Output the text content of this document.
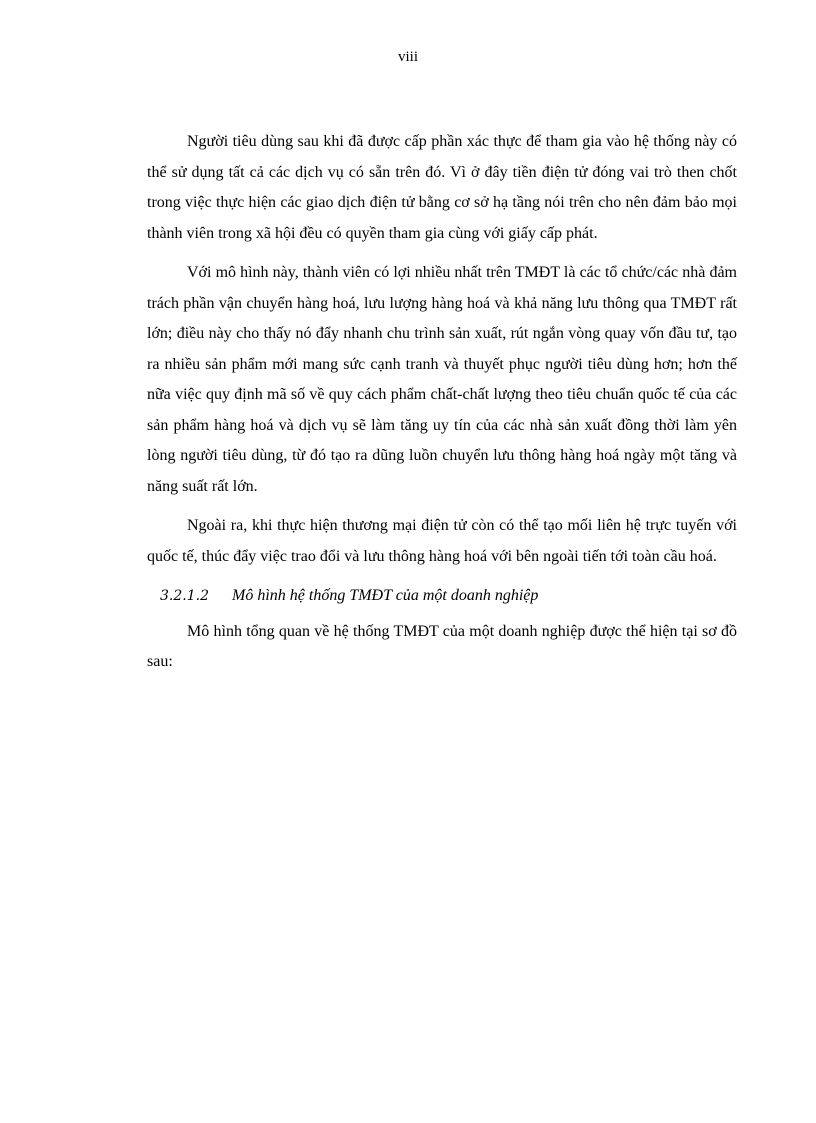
viii

Người tiêu dùng sau khi đã được cấp phần xác thực để tham gia vào hệ thống này có thể sử dụng tất cả các dịch vụ có sẵn trên đó. Vì ở đây tiền điện tử đóng vai trò then chốt trong việc thực hiện các giao dịch điện tử bằng cơ sở hạ tầng nói trên cho nên đảm bảo mọi thành viên trong xã hội đều có quyền tham gia cùng với giấy cấp phát.

Với mô hình này, thành viên có lợi nhiều nhất trên TMĐT là các tổ chức/các nhà đảm trách phần vận chuyển hàng hoá, lưu lượng hàng hoá và khả năng lưu thông qua TMĐT rất lớn; điều này cho thấy nó đẩy nhanh chu trình sản xuất, rút ngắn vòng quay vốn đầu tư, tạo ra nhiều sản phẩm mới mang sức cạnh tranh và thuyết phục người tiêu dùng hơn; hơn thế nữa việc quy định mã số về quy cách phẩm chất-chất lượng theo tiêu chuẩn quốc tế của các sản phẩm hàng hoá và dịch vụ sẽ làm tăng uy tín của các nhà sản xuất đồng thời làm yên lòng người tiêu dùng, từ đó tạo ra dũng luồn chuyển lưu thông hàng hoá ngày một tăng và năng suất rất lớn.

Ngoài ra, khi thực hiện thương mại điện tử còn có thể tạo mối liên hệ trực tuyến với quốc tế, thúc đẩy việc trao đổi và lưu thông hàng hoá với bên ngoài tiến tới toàn cầu hoá.

3.2.1.2 Mô hình hệ thống TMĐT của một doanh nghiệp

Mô hình tổng quan về hệ thống TMĐT của một doanh nghiệp được thể hiện tại sơ đồ sau:
